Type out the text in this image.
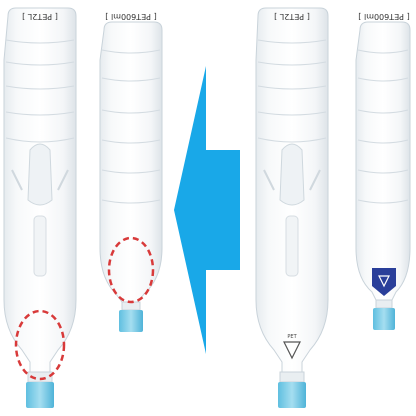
[ PET2L ]	[ PET600ml ]
PET
[ PET2L ]	[ PET600ml ]
